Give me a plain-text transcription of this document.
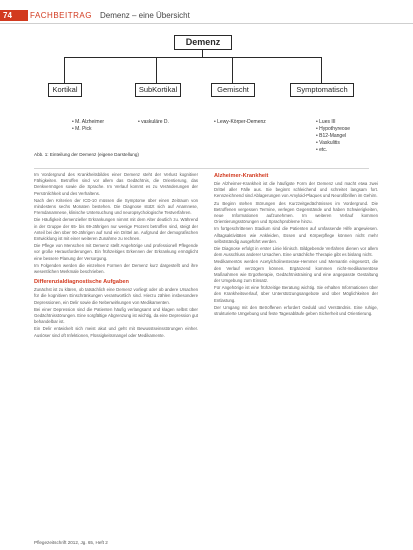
74 FACHBEITRAG Demenz – eine Übersicht
Demenz
Kortikal	SubKortikal	Gemischt	Symptomatisch
• M. Alzheimer
• M. Pick
• vaskuläre D.	• Lewy-Körper-Demenz	• Lues III
• Hypothyreose
• B12-Mangel
• Vaskulitis
• etc.
Abb. 1: Einteilung der Demenz (eigene Darstellung)

Im Vordergrund des Krankheitsbildes einer Demenz steht der Verlust kognitiver Fähigkeiten. Betroffen sind vor allem das Gedächtnis, die Orientierung, das Denkvermögen sowie die Sprache. Im Verlauf kommt es zu Veränderungen der Persönlichkeit und des Verhaltens.

Nach den Kriterien der ICD-10 müssen die Symptome über einen Zeitraum von mindestens sechs Monaten bestehen. Die Diagnose stützt sich auf Anamnese, Fremdanamnese, klinische Untersuchung und neuropsychologische Testverfahren.

Die Häufigkeit demenzieller Erkrankungen nimmt mit dem Alter deutlich zu. Während in der Gruppe der 65- bis 69-Jährigen nur wenige Prozent betroffen sind, steigt der Anteil bei den über 90-Jährigen auf rund ein Drittel an. Aufgrund der demografischen Entwicklung ist mit einer weiteren Zunahme zu rechnen.

Die Pflege von Menschen mit Demenz stellt Angehörige und professionell Pflegende vor große Herausforderungen. Ein frühzeitiges Erkennen der Erkrankung ermöglicht eine bessere Planung der Versorgung.

Im Folgenden werden die einzelnen Formen der Demenz kurz dargestellt und ihre wesentlichen Merkmale beschrieben.

Differenzialdiagnostische Aufgaben

Zunächst ist zu klären, ob tatsächlich eine Demenz vorliegt oder ob andere Ursachen für die kognitiven Einschränkungen verantwortlich sind. Hierzu zählen insbesondere Depressionen, ein Delir sowie die Nebenwirkungen von Medikamenten.

Bei einer Depression sind die Patienten häufig verlangsamt und klagen selbst über Gedächtnisstörungen. Eine sorgfältige Abgrenzung ist wichtig, da eine Depression gut behandelbar ist.

Ein Delir entwickelt sich meist akut und geht mit Bewusstseinsstörungen einher. Auslöser sind oft Infektionen, Flüssigkeitsmangel oder Medikamente.

Alzheimer-Krankheit

Die Alzheimer-Krankheit ist die häufigste Form der Demenz und macht etwa zwei Drittel aller Fälle aus. Sie beginnt schleichend und schreitet langsam fort. Kennzeichnend sind Ablagerungen von Amyloid-Plaques und Neurofibrillen im Gehirn.

Zu Beginn stehen Störungen des Kurzzeitgedächtnisses im Vordergrund. Die Betroffenen vergessen Termine, verlegen Gegenstände und haben Schwierigkeiten, neue Informationen aufzunehmen. Im weiteren Verlauf kommen Orientierungsstörungen und Sprachprobleme hinzu.

Im fortgeschrittenen Stadium sind die Patienten auf umfassende Hilfe angewiesen. Alltagsaktivitäten wie Ankleiden, Essen und Körperpflege können nicht mehr selbstständig ausgeführt werden.

Die Diagnose erfolgt in erster Linie klinisch. Bildgebende Verfahren dienen vor allem dem Ausschluss anderer Ursachen. Eine ursächliche Therapie gibt es bislang nicht.

Medikamentös werden Acetylcholinesterase-Hemmer und Memantin eingesetzt, die den Verlauf verzögern können. Ergänzend kommen nicht-medikamentöse Maßnahmen wie Ergotherapie, Gedächtnistraining und eine angepasste Gestaltung der Umgebung zum Einsatz.

Für Angehörige ist eine frühzeitige Beratung wichtig. Sie erhalten Informationen über den Krankheitsverlauf, über Unterstützungsangebote und über Möglichkeiten der Entlastung.

Der Umgang mit den Betroffenen erfordert Geduld und Verständnis. Eine ruhige, strukturierte Umgebung und feste Tagesabläufe geben Sicherheit und Orientierung.

Pflegezeitschrift 2012, Jg. 65, Heft 2
